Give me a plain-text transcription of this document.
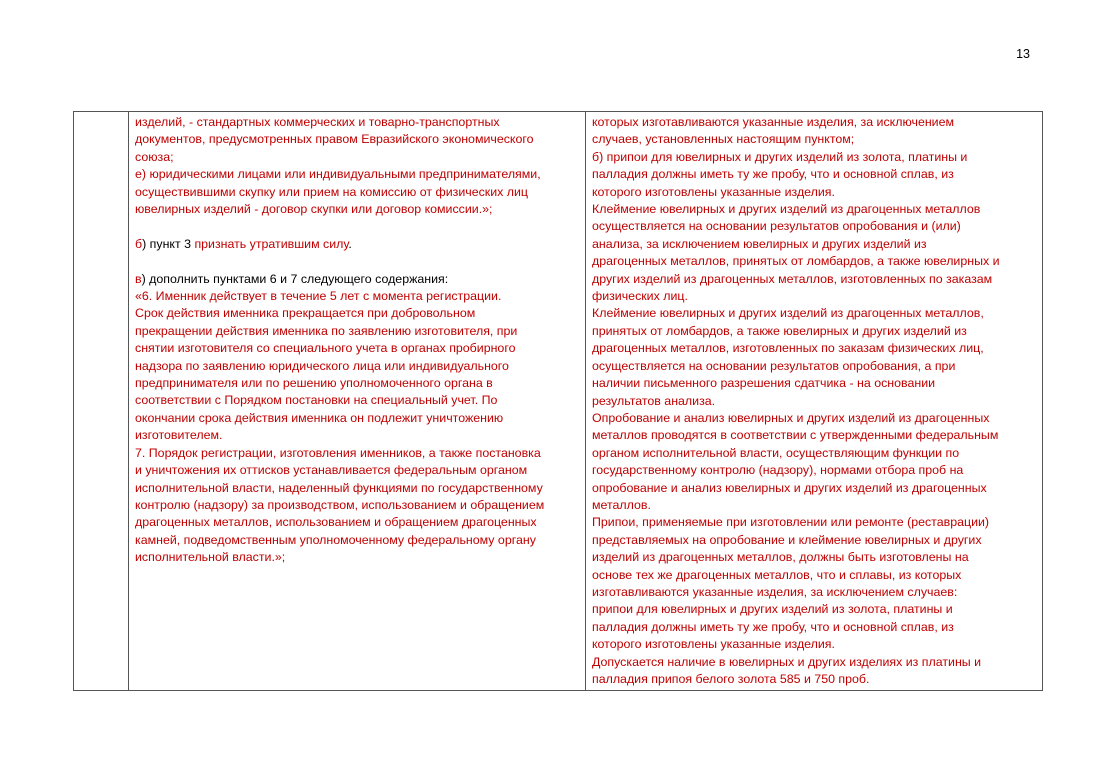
13

изделий, - стандартных коммерческих и товарно-транспортных
документов, предусмотренных правом Евразийского экономического
союза;
е) юридическими лицами или индивидуальными предпринимателями,
осуществившими скупку или прием на комиссию от физических лиц
ювелирных изделий - договор скупки или договор комиссии.»;
б) пункт 3 признать утратившим силу.
в) дополнить пунктами 6 и 7 следующего содержания:
«6. Именник действует в течение 5 лет с момента регистрации.
Срок действия именника прекращается при добровольном
прекращении действия именника по заявлению изготовителя, при
снятии изготовителя со специального учета в органах пробирного
надзора по заявлению юридического лица или индивидуального
предпринимателя или по решению уполномоченного органа в
соответствии с Порядком постановки на специальный учет. По
окончании срока действия именника он подлежит уничтожению
изготовителем.
7. Порядок регистрации, изготовления именников, а также постановка
и уничтожения их оттисков устанавливается федеральным органом
исполнительной власти, наделенный функциями по государственному
контролю (надзору) за производством, использованием и обращением
драгоценных металлов, использованием и обращением драгоценных
камней, подведомственным уполномоченному федеральному органу
исполнительной власти.»;

которых изготавливаются указанные изделия, за исключением
случаев, установленных настоящим пунктом;
б) припои для ювелирных и других изделий из золота, платины и
палладия должны иметь ту же пробу, что и основной сплав, из
которого изготовлены указанные изделия.
Клеймение ювелирных и других изделий из драгоценных металлов
осуществляется на основании результатов опробования и (или)
анализа, за исключением ювелирных и других изделий из
драгоценных металлов, принятых от ломбардов, а также ювелирных и
других изделий из драгоценных металлов, изготовленных по заказам
физических лиц.
Клеймение ювелирных и других изделий из драгоценных металлов,
принятых от ломбардов, а также ювелирных и других изделий из
драгоценных металлов, изготовленных по заказам физических лиц,
осуществляется на основании результатов опробования, а при
наличии письменного разрешения сдатчика - на основании
результатов анализа.
Опробование и анализ ювелирных и других изделий из драгоценных
металлов проводятся в соответствии с утвержденными федеральным
органом исполнительной власти, осуществляющим функции по
государственному контролю (надзору), нормами отбора проб на
опробование и анализ ювелирных и других изделий из драгоценных
металлов.
Припои, применяемые при изготовлении или ремонте (реставрации)
представляемых на опробование и клеймение ювелирных и других
изделий из драгоценных металлов, должны быть изготовлены на
основе тех же драгоценных металлов, что и сплавы, из которых
изготавливаются указанные изделия, за исключением случаев:
припои для ювелирных и других изделий из золота, платины и
палладия должны иметь ту же пробу, что и основной сплав, из
которого изготовлены указанные изделия.
Допускается наличие в ювелирных и других изделиях из платины и
палладия припоя белого золота 585 и 750 проб.
